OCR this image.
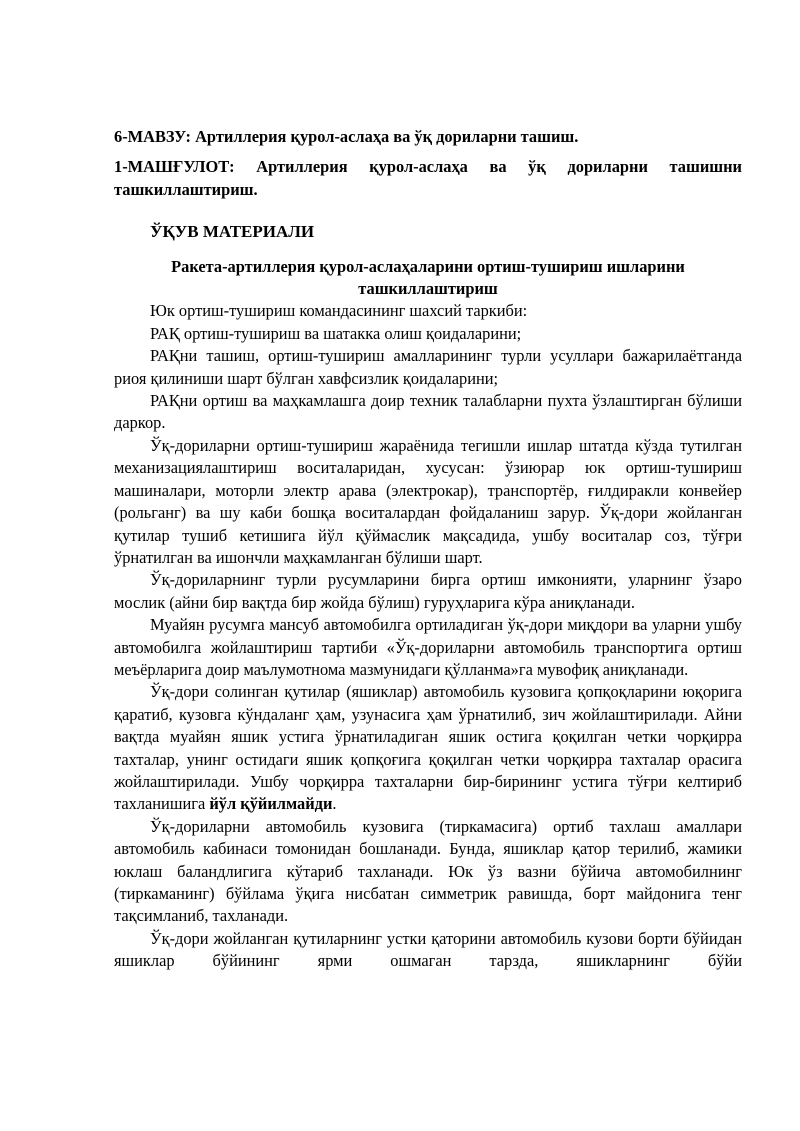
6-МАВЗУ: Артиллерия қурол-аслаҳа ва ўқ дориларни ташиш.

1-МАШҒУЛОТ: Артиллерия қурол-аслаҳа ва ўқ дориларни ташишни ташкиллаштириш.

ЎҚУВ МАТЕРИАЛИ

Ракета-артиллерия қурол-аслаҳаларини ортиш-тушириш ишларини ташкиллаштириш

Юк ортиш-тушириш командасининг шахсий таркиби:

РАҚ ортиш-тушириш ва шатакка олиш қоидаларини;

РАҚни ташиш, ортиш-тушириш амалларининг турли усуллари бажарилаётганда риоя қилиниши шарт бўлган хавфсизлик қоидаларини;

РАҚни ортиш ва маҳкамлашга доир техник талабларни пухта ўзлаштирган бўлиши даркор.

Ўқ-дориларни ортиш-тушириш жараёнида тегишли ишлар штатда кўзда тутилган механизациялаштириш воситаларидан, хусусан: ўзиюрар юк ортиш-тушириш машиналари, моторли электр арава (электрокар), транспортёр, ғилдиракли конвейер (рольганг) ва шу каби бошқа воситалардан фойдаланиш зарур. Ўқ-дори жойланган қутилар тушиб кетишига йўл қўймаслик мақсадида, ушбу воситалар соз, тўғри ўрнатилган ва ишончли маҳкамланган бўлиши шарт.

Ўқ-дориларнинг турли русумларини бирга ортиш имконияти, уларнинг ўзаро мослик (айни бир вақтда бир жойда бўлиш) гуруҳларига кўра аниқланади.

Муайян русумга мансуб автомобилга ортиладиган ўқ-дори миқдори ва уларни ушбу автомобилга жойлаштириш тартиби «Ўқ-дориларни автомобиль транспортига ортиш меъёрларига доир маълумотнома мазмунидаги қўлланма»га мувофиқ аниқланади.

Ўқ-дори солинган қутилар (яшиклар) автомобиль кузовига қопқоқларини юқорига қаратиб, кузовга кўндаланг ҳам, узунасига ҳам ўрнатилиб, зич жойлаштирилади. Айни вақтда муайян яшик устига ўрнатиладиган яшик остига қоқилган четки чорқирра тахталар, унинг остидаги яшик қопқоғига қоқилган четки чорқирра тахталар орасига жойлаштирилади. Ушбу чорқирра тахталарни бир-бирининг устига тўғри келтириб тахланишига йўл қўйилмайди.

Ўқ-дориларни автомобиль кузовига (тиркамасига) ортиб тахлаш амаллари автомобиль кабинаси томонидан бошланади. Бунда, яшиклар қатор терилиб, жамики юклаш баландлигига кўтариб тахланади. Юк ўз вазни бўйича автомобилнинг (тиркаманинг) бўйлама ўқига нисбатан симметрик равишда, борт майдонига тенг тақсимланиб, тахланади.

Ўқ-дори жойланган қутиларнинг устки қаторини автомобиль кузови борти бўйидан яшиклар бўйининг ярми ошмаган тарзда, яшикларнинг бўйи
